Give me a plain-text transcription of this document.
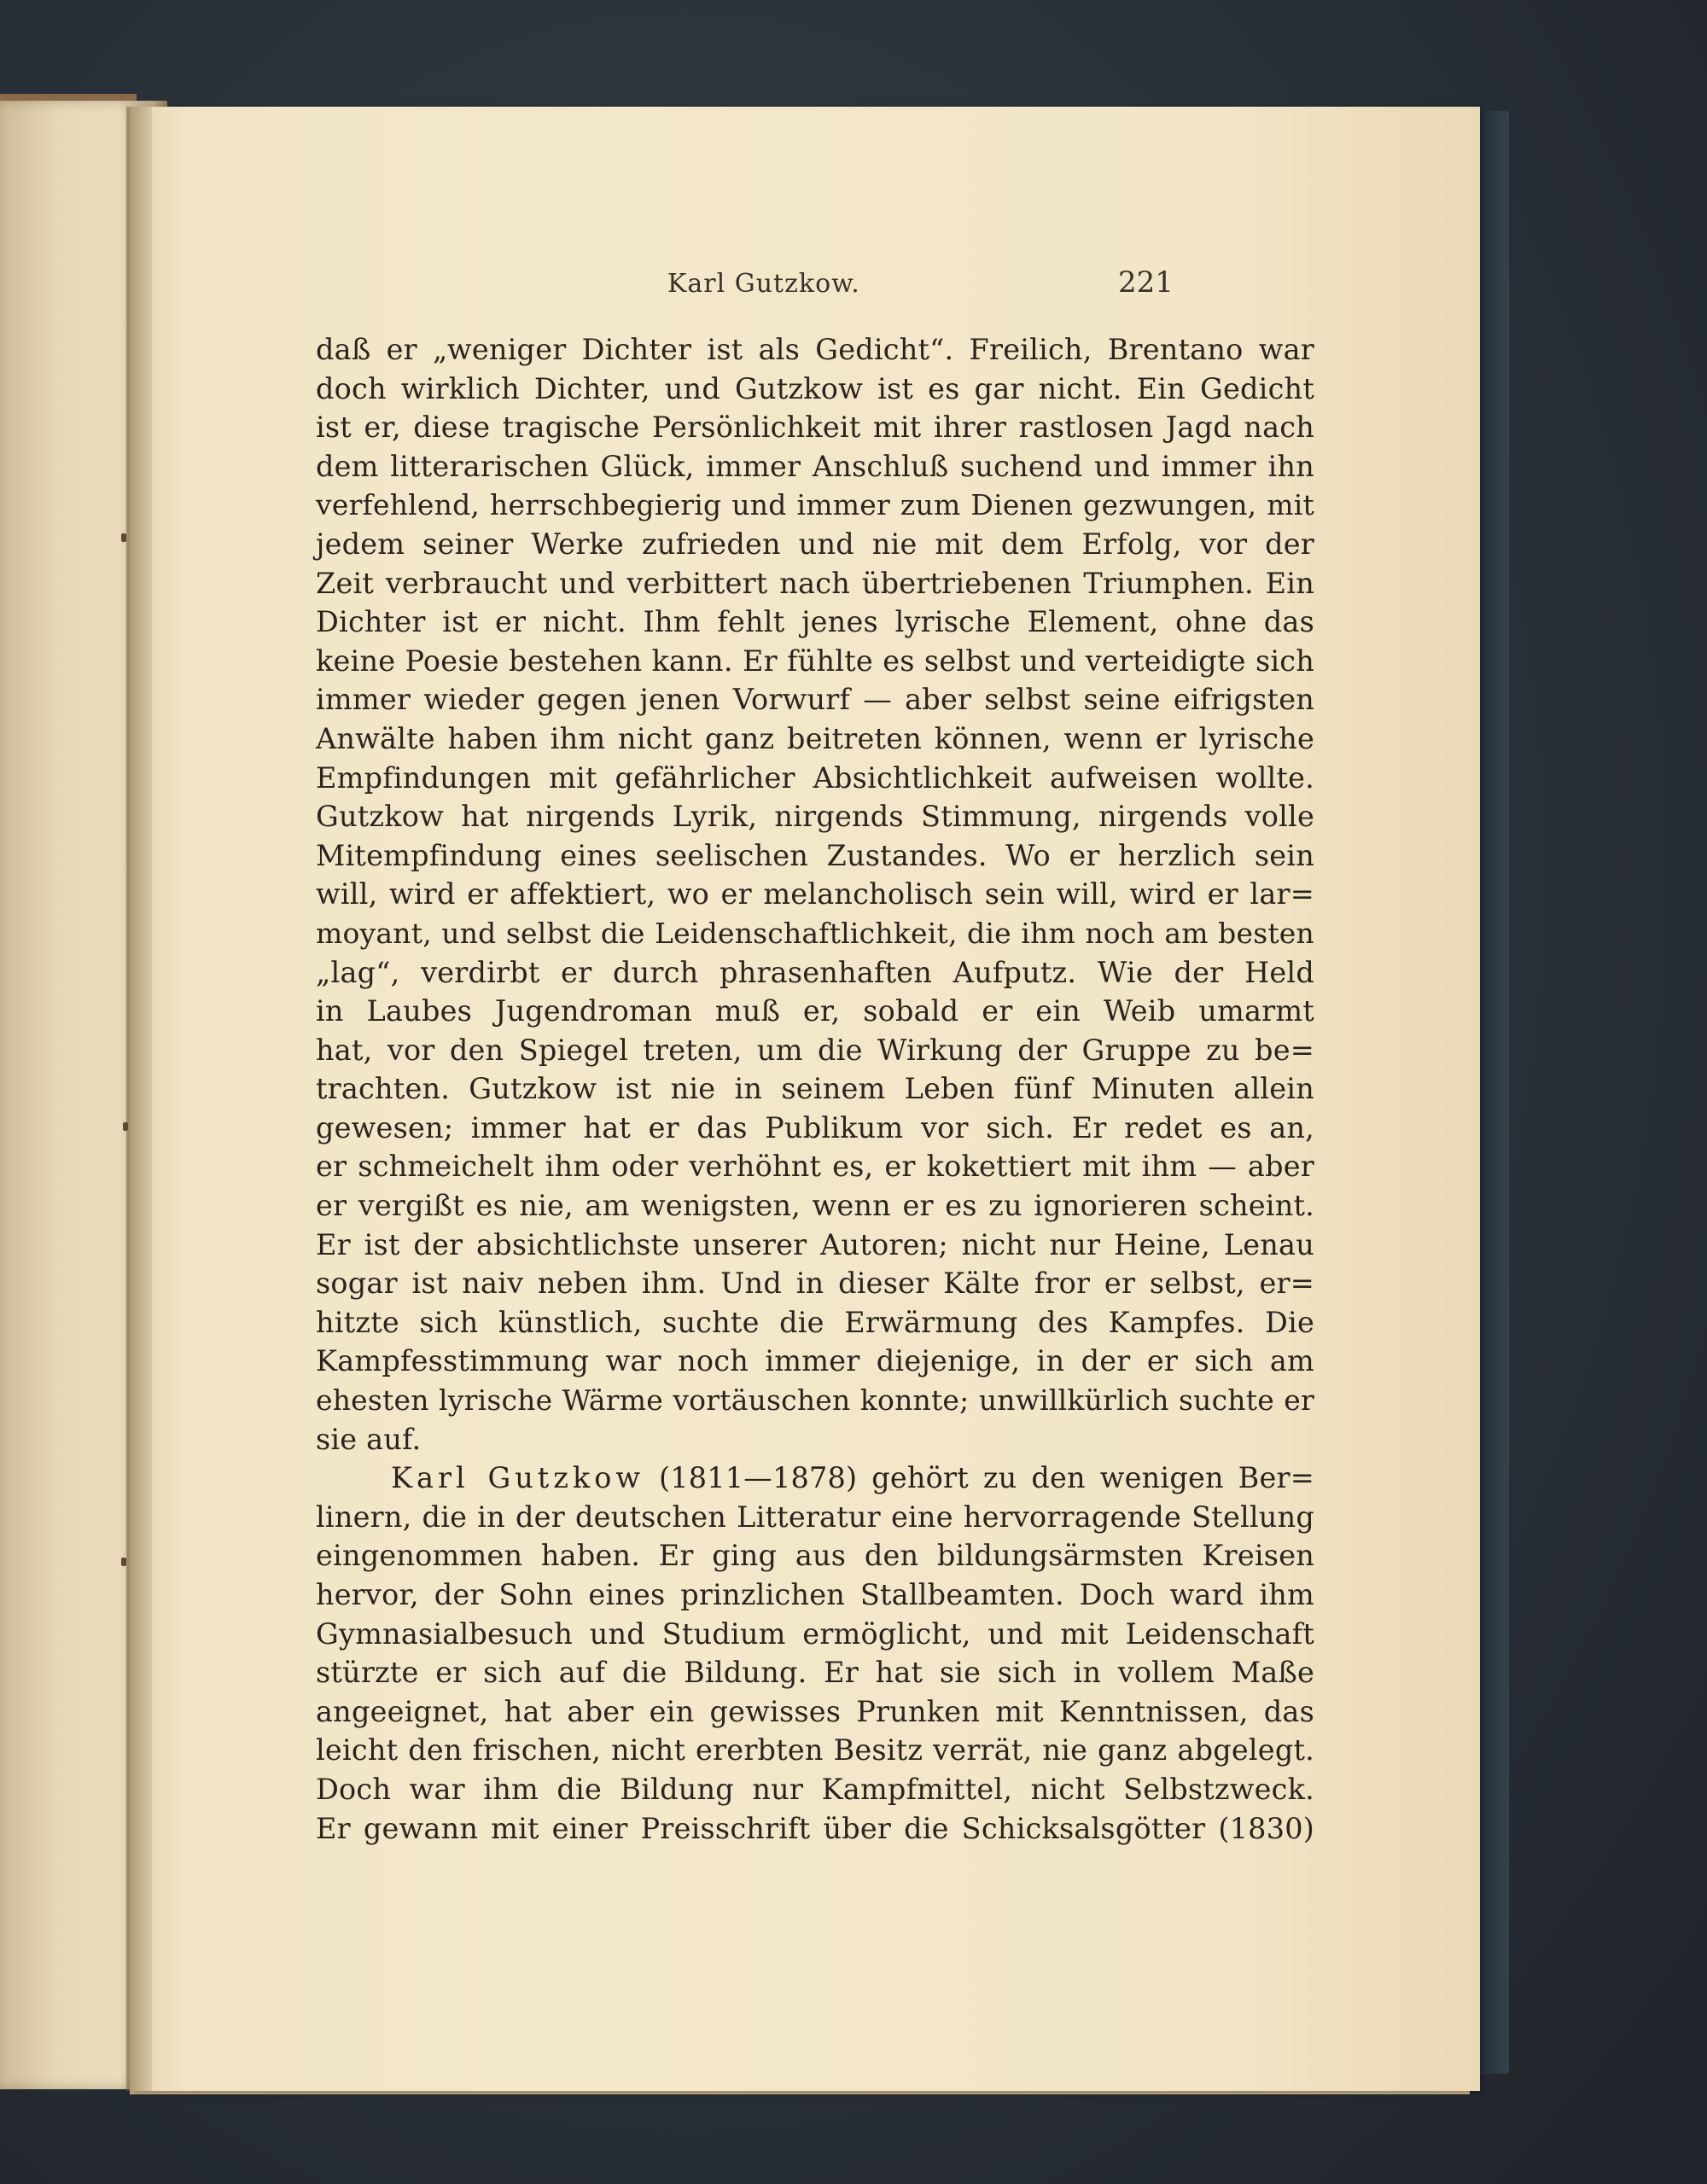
Karl Gutzkow.	221
daß er „weniger Dichter ist als Gedicht“. Freilich, Brentano war
doch wirklich Dichter, und Gutzkow ist es gar nicht. Ein Gedicht
ist er, diese tragische Persönlichkeit mit ihrer rastlosen Jagd nach
dem litterarischen Glück, immer Anschluß suchend und immer ihn
verfehlend, herrschbegierig und immer zum Dienen gezwungen, mit
jedem seiner Werke zufrieden und nie mit dem Erfolg, vor der
Zeit verbraucht und verbittert nach übertriebenen Triumphen. Ein
Dichter ist er nicht. Ihm fehlt jenes lyrische Element, ohne das
keine Poesie bestehen kann. Er fühlte es selbst und verteidigte sich
immer wieder gegen jenen Vorwurf — aber selbst seine eifrigsten
Anwälte haben ihm nicht ganz beitreten können, wenn er lyrische
Empfindungen mit gefährlicher Absichtlichkeit aufweisen wollte.
Gutzkow hat nirgends Lyrik, nirgends Stimmung, nirgends volle
Mitempfindung eines seelischen Zustandes. Wo er herzlich sein
will, wird er affektiert, wo er melancholisch sein will, wird er lar=
moyant, und selbst die Leidenschaftlichkeit, die ihm noch am besten
„lag“, verdirbt er durch phrasenhaften Aufputz. Wie der Held
in Laubes Jugendroman muß er, sobald er ein Weib umarmt
hat, vor den Spiegel treten, um die Wirkung der Gruppe zu be=
trachten. Gutzkow ist nie in seinem Leben fünf Minuten allein
gewesen; immer hat er das Publikum vor sich. Er redet es an,
er schmeichelt ihm oder verhöhnt es, er kokettiert mit ihm — aber
er vergißt es nie, am wenigsten, wenn er es zu ignorieren scheint.
Er ist der absichtlichste unserer Autoren; nicht nur Heine, Lenau
sogar ist naiv neben ihm. Und in dieser Kälte fror er selbst, er=
hitzte sich künstlich, suchte die Erwärmung des Kampfes. Die
Kampfesstimmung war noch immer diejenige, in der er sich am
ehesten lyrische Wärme vortäuschen konnte; unwillkürlich suchte er
sie auf.
Karl Gutzkow (1811—1878) gehört zu den wenigen Ber=
linern, die in der deutschen Litteratur eine hervorragende Stellung
eingenommen haben. Er ging aus den bildungsärmsten Kreisen
hervor, der Sohn eines prinzlichen Stallbeamten. Doch ward ihm
Gymnasialbesuch und Studium ermöglicht, und mit Leidenschaft
stürzte er sich auf die Bildung. Er hat sie sich in vollem Maße
angeeignet, hat aber ein gewisses Prunken mit Kenntnissen, das
leicht den frischen, nicht ererbten Besitz verrät, nie ganz abgelegt.
Doch war ihm die Bildung nur Kampfmittel, nicht Selbstzweck.
Er gewann mit einer Preisschrift über die Schicksalsgötter (1830)
